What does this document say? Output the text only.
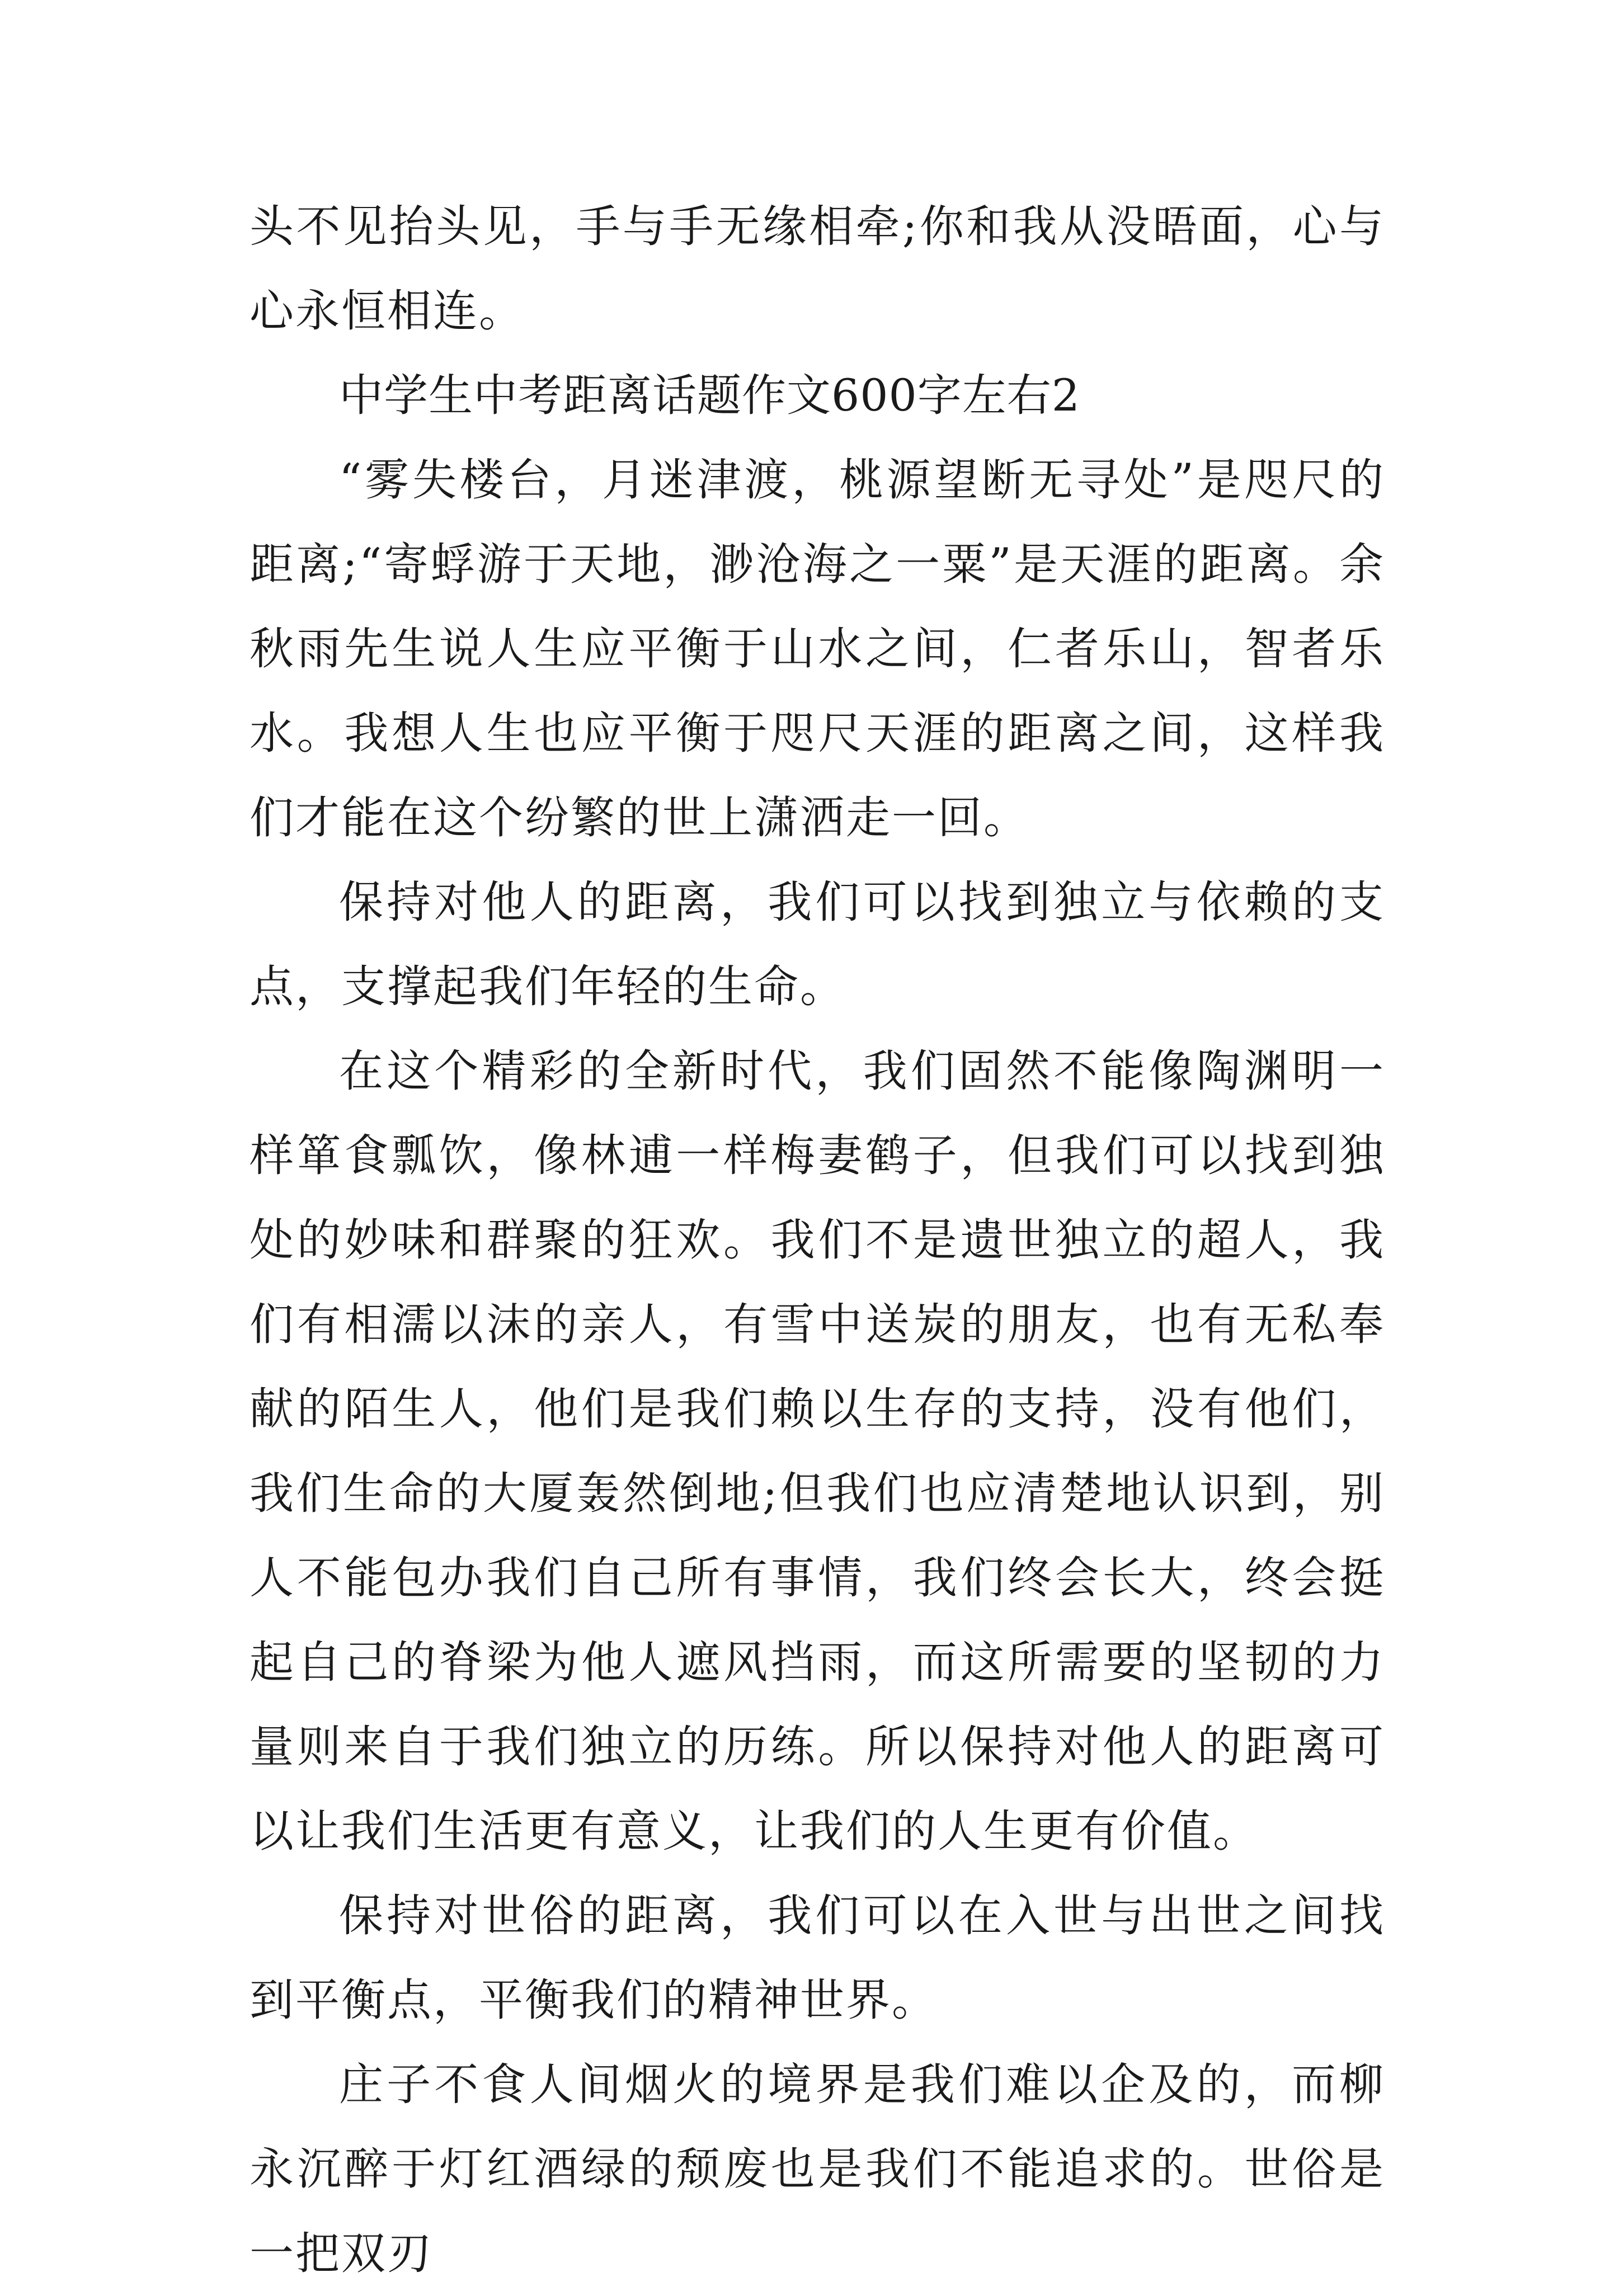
头不见抬头见，手与手无缘相牵;你和我从没晤面，心与心永恒相连。

中学生中考距离话题作文600字左右2

“雾失楼台，月迷津渡，桃源望断无寻处”是咫尺的距离;“寄蜉游于天地，渺沧海之一粟”是天涯的距离。余秋雨先生说人生应平衡于山水之间，仁者乐山，智者乐水。我想人生也应平衡于咫尺天涯的距离之间，这样我们才能在这个纷繁的世上潇洒走一回。

保持对他人的距离，我们可以找到独立与依赖的支点，支撑起我们年轻的生命。

在这个精彩的全新时代，我们固然不能像陶渊明一样箪食瓢饮，像林逋一样梅妻鹤子，但我们可以找到独处的妙味和群聚的狂欢。我们不是遗世独立的超人，我们有相濡以沫的亲人，有雪中送炭的朋友，也有无私奉献的陌生人，他们是我们赖以生存的支持，没有他们，我们生命的大厦轰然倒地;但我们也应清楚地认识到，别人不能包办我们自己所有事情，我们终会长大，终会挺起自己的脊梁为他人遮风挡雨，而这所需要的坚韧的力量则来自于我们独立的历练。所以保持对他人的距离可以让我们生活更有意义，让我们的人生更有价值。

保持对世俗的距离，我们可以在入世与出世之间找到平衡点，平衡我们的精神世界。

庄子不食人间烟火的境界是我们难以企及的，而柳永沉醉于灯红酒绿的颓废也是我们不能追求的。世俗是一把双刃
